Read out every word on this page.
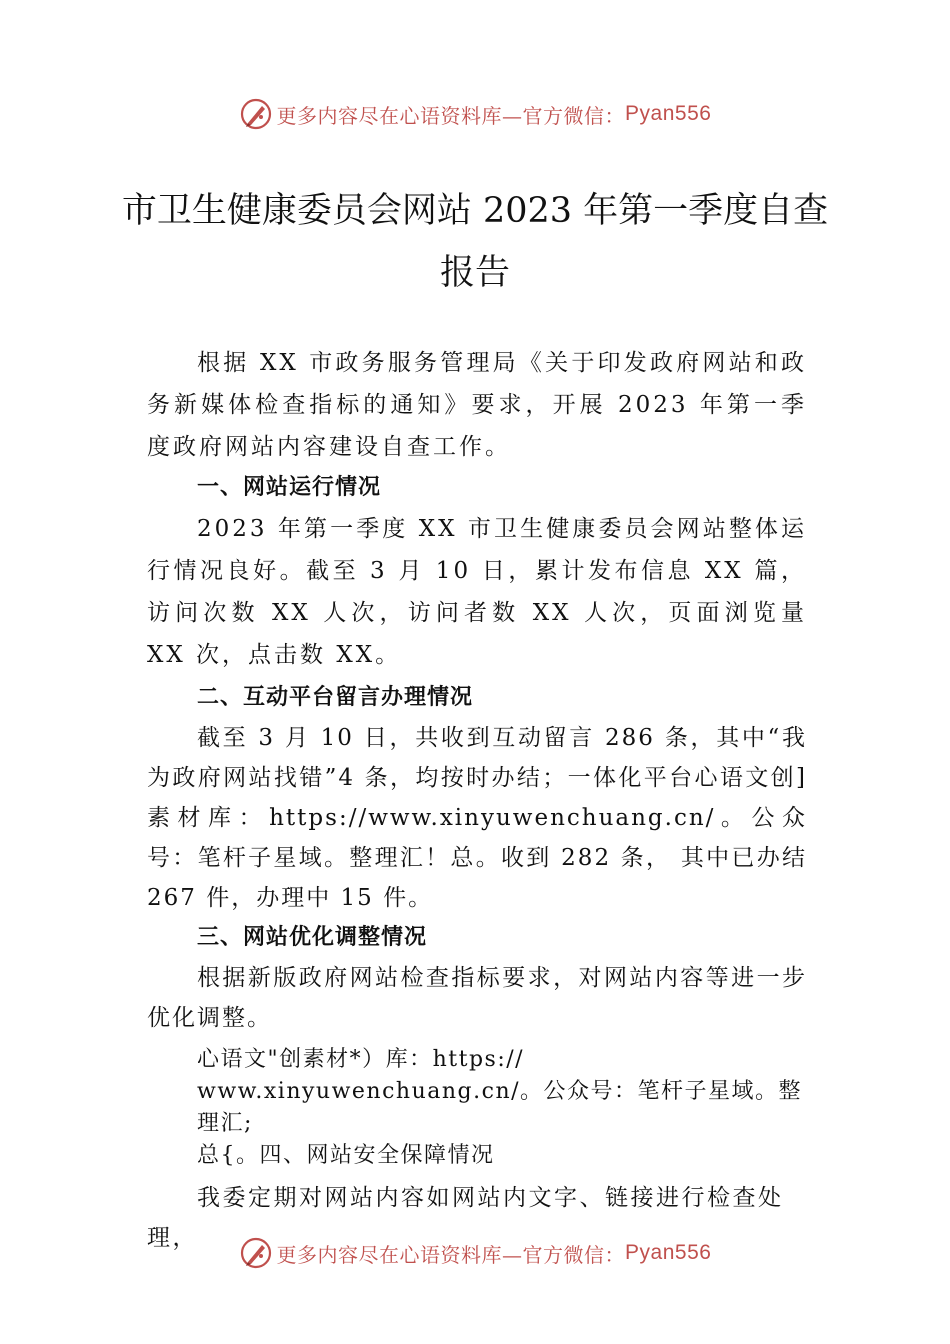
更多内容尽在心语资料库— 官方微信： Pyan556
市卫生健康委员会网站 2023 年第一季度自查报告

根据 XX 市政务服务管理局《关于印发政府网站和政务新媒体检查指标的通知》要求，开展 2023 年第一季度政府网站内容建设自查工作。

一、网站运行情况

2023 年第一季度 XX 市卫生健康委员会网站整体运行情况良好。截至 3 月 10 日，累计发布信息 XX 篇，访问次数 XX 人次，访问者数 XX 人次，页面浏览量 XX 次，点击数 XX。

二、互动平台留言办理情况

截至 3 月 10 日，共收到互动留言 286 条，其中“我为政府网站找错”4 条，均按时办结；一体化平台心语文创]素材库：https://www.xinyuwenchuang.cn/。公众号：笔杆子星域。整理汇！总。收到 282 条， 其中已办结 267 件，办理中 15 件。

三、网站优化调整情况

根据新版政府网站检查指标要求，对网站内容等进一步优化调整。

心语文"创素材*）库：https://

www.xinyuwenchuang.cn/。公众号：笔杆子星域。整理汇;

总{。四、网站安全保障情况

我委定期对网站内容如网站内文字、链接进行检查处理，

更多内容尽在心语资料库— 官方微信： Pyan556
